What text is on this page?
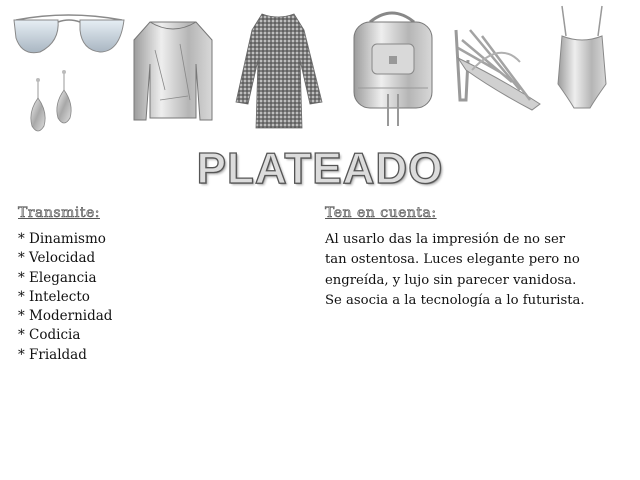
PLATEADO
Transmite:
* Dinamismo
* Velocidad
* Elegancia
* Intelecto
* Modernidad
* Codicia
* Frialdad
Ten en cuenta:
Al usarlo das la impresión de no ser
tan ostentosa. Luces elegante pero no
engreída, y lujo sin parecer vanidosa.
Se asocia a la tecnología a lo futurista.
